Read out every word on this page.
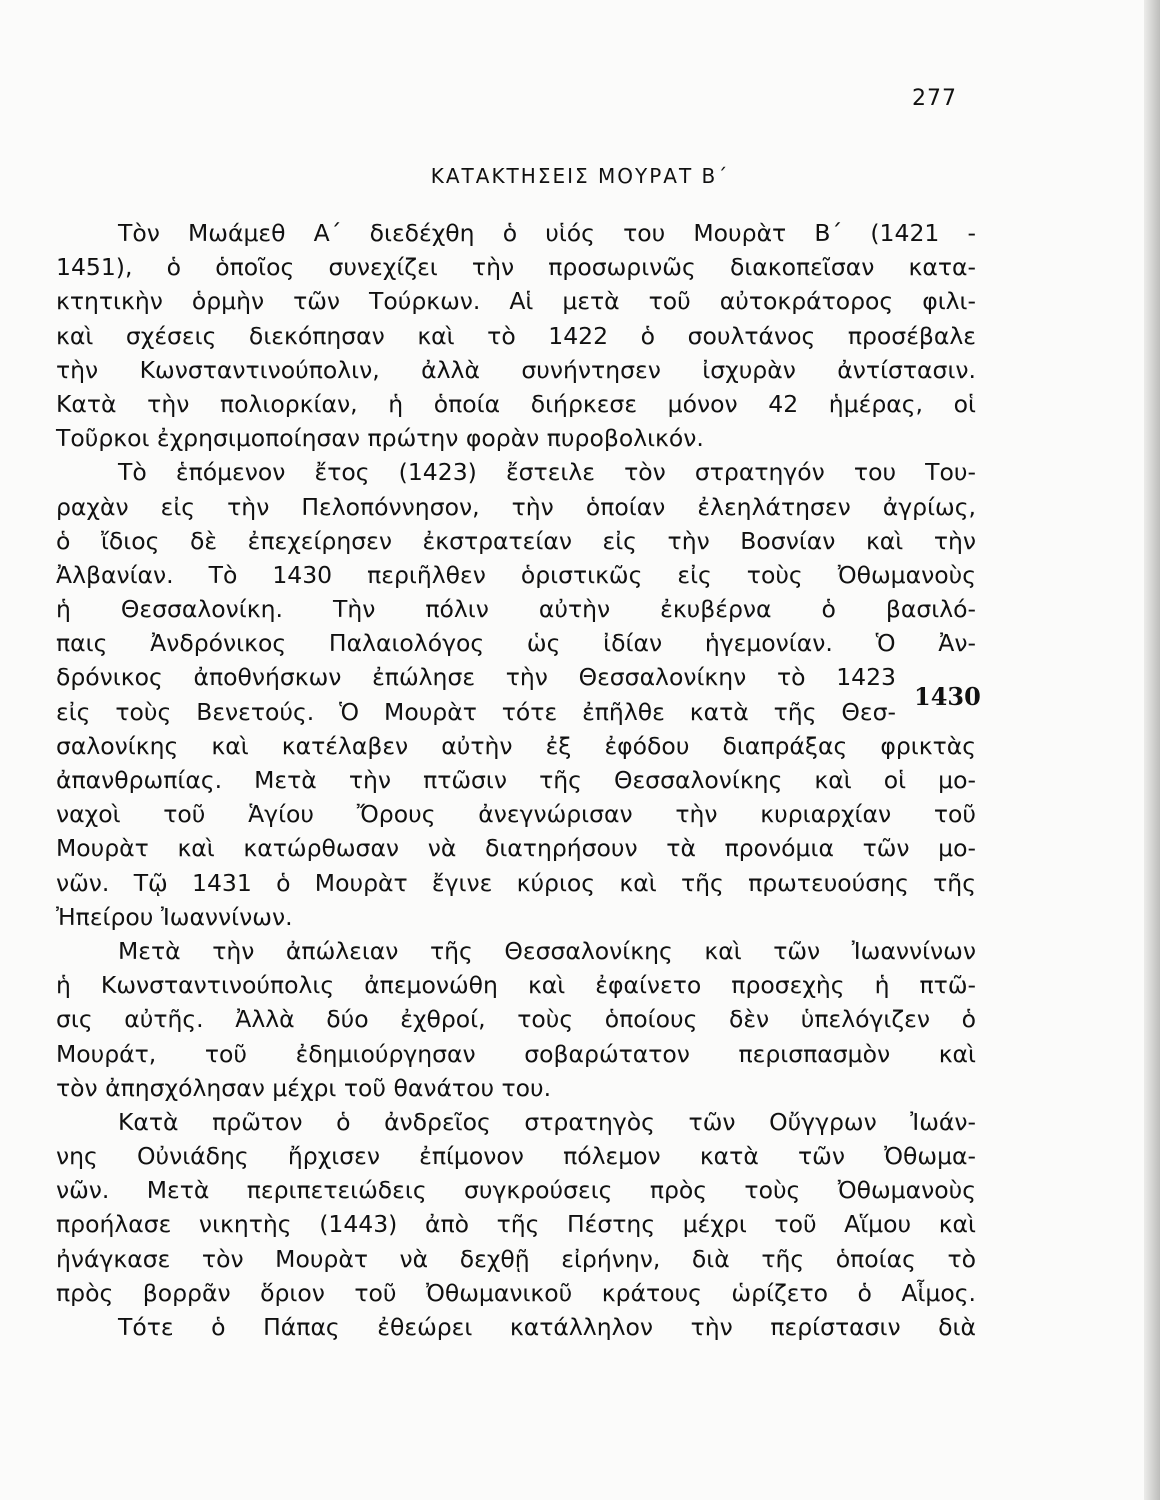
277
ΚΑΤΑΚΤΗΣΕΙΣ ΜΟΥΡΑΤ Β΄
1430
Τὸν Μωάμεθ Α΄ διεδέχθη ὁ υἱός του Μουρὰτ Β΄ (1421 -
1451), ὁ ὁποῖος συνεχίζει τὴν προσωρινῶς διακοπεῖσαν κατα-
κτητικὴν ὁρμὴν τῶν Τούρκων. Αἱ μετὰ τοῦ αὐτοκράτορος φιλι-
καὶ σχέσεις διεκόπησαν καὶ τὸ 1422 ὁ σουλτάνος προσέβαλε
τὴν Κωνσταντινούπολιν, ἀλλὰ συνήντησεν ἰσχυρὰν ἀντίστασιν.
Κατὰ τὴν πολιορκίαν, ἡ ὁποία διήρκεσε μόνον 42 ἡμέρας, οἱ
Τοῦρκοι ἐχρησιμοποίησαν πρώτην φορὰν πυροβολικόν.
Τὸ ἑπόμενον ἔτος (1423) ἔστειλε τὸν στρατηγόν του Του-
ραχὰν εἰς τὴν Πελοπόννησον, τὴν ὁποίαν ἐλεηλάτησεν ἀγρίως,
ὁ ἴδιος δὲ ἐπεχείρησεν ἐκστρατείαν εἰς τὴν Βοσνίαν καὶ τὴν
Ἀλβανίαν. Τὸ 1430 περιῆλθεν ὁριστικῶς εἰς τοὺς Ὀθωμανοὺς
ἡ Θεσσαλονίκη. Τὴν πόλιν αὐτὴν ἐκυβέρνα ὁ βασιλό-
παις Ἀνδρόνικος Παλαιολόγος ὡς ἰδίαν ἡγεμονίαν. Ὁ Ἀν-
δρόνικος ἀποθνήσκων ἐπώλησε τὴν Θεσσαλονίκην τὸ 1423
εἰς τοὺς Βενετούς. Ὁ Μουρὰτ τότε ἐπῆλθε κατὰ τῆς Θεσ-
σαλονίκης καὶ κατέλαβεν αὐτὴν ἐξ ἐφόδου διαπράξας φρικτὰς
ἀπανθρωπίας. Μετὰ τὴν πτῶσιν τῆς Θεσσαλονίκης καὶ οἱ μο-
ναχοὶ τοῦ Ἁγίου Ὄρους ἀνεγνώρισαν τὴν κυριαρχίαν τοῦ
Μουρὰτ καὶ κατώρθωσαν νὰ διατηρήσουν τὰ προνόμια τῶν μο-
νῶν. Τῷ 1431 ὁ Μουρὰτ ἔγινε κύριος καὶ τῆς πρωτευούσης τῆς
Ἠπείρου Ἰωαννίνων.
Μετὰ τὴν ἀπώλειαν τῆς Θεσσαλονίκης καὶ τῶν Ἰωαννίνων
ἡ Κωνσταντινούπολις ἀπεμονώθη καὶ ἐφαίνετο προσεχὴς ἡ πτῶ-
σις αὐτῆς. Ἀλλὰ δύο ἐχθροί, τοὺς ὁποίους δὲν ὑπελόγιζεν ὁ
Μουράτ, τοῦ ἐδημιούργησαν σοβαρώτατον περισπασμὸν καὶ
τὸν ἀπησχόλησαν μέχρι τοῦ θανάτου του.
Κατὰ πρῶτον ὁ ἀνδρεῖος στρατηγὸς τῶν Οὔγγρων Ἰωάν-
νης Οὐνιάδης ἤρχισεν ἐπίμονον πόλεμον κατὰ τῶν Ὀθωμα-
νῶν. Μετὰ περιπετειώδεις συγκρούσεις πρὸς τοὺς Ὀθωμανοὺς
προήλασε νικητὴς (1443) ἀπὸ τῆς Πέστης μέχρι τοῦ Αἵμου καὶ
ἠνάγκασε τὸν Μουρὰτ νὰ δεχθῇ εἰρήνην, διὰ τῆς ὁποίας τὸ
πρὸς βορρᾶν ὅριον τοῦ Ὀθωμανικοῦ κράτους ὡρίζετο ὁ Αἷμος.
Τότε ὁ Πάπας ἐθεώρει κατάλληλον τὴν περίστασιν διὰ
